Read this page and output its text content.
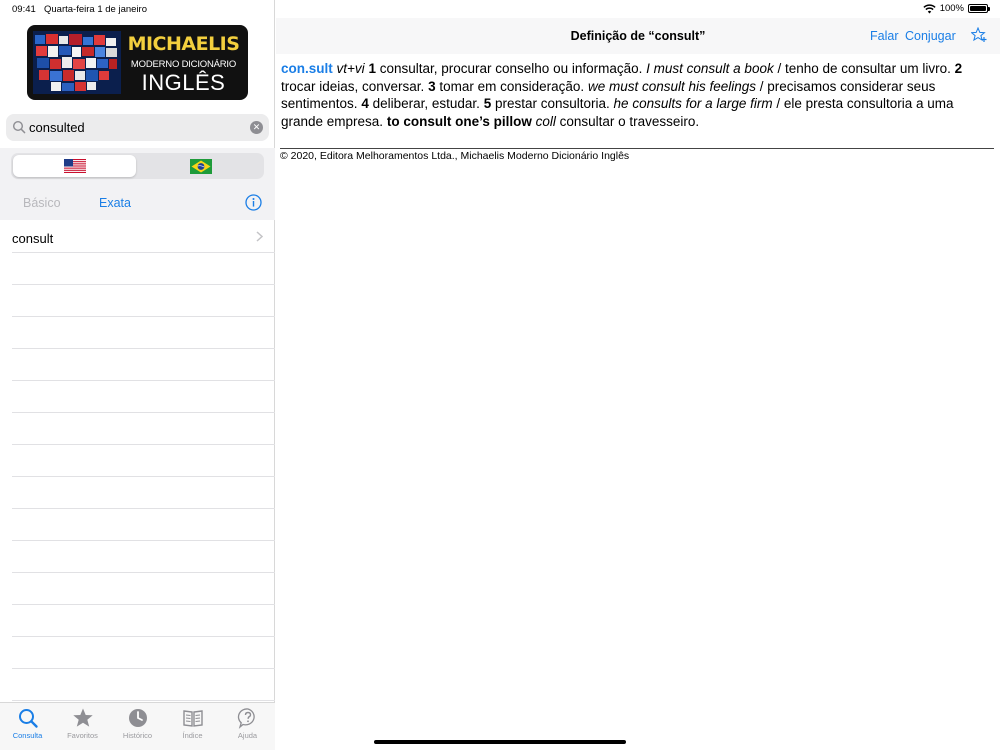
09:41 Quarta-feira 1 de janeiro	100%
MICHAELIS
MODERNO DICIONÁRIO
INGLÊS
consulted
✕
Básico	Exata
consult
Consulta	Favoritos	Histórico	Índice	Ajuda
Definição de “consult”	Falar Conjugar
con.sult vt+vi 1 consultar, procurar conselho ou informação. I must consult a book / tenho de consultar um livro. 2 trocar ideias, conversar. 3 tomar em consideração. we must consult his feelings / precisamos considerar seus sentimentos. 4 deliberar, estudar. 5 prestar consultoria. he consults for a large firm / ele presta consultoria a uma grande empresa. to consult one’s pillow coll consultar o travesseiro.
© 2020, Editora Melhoramentos Ltda., Michaelis Moderno Dicionário Inglês
